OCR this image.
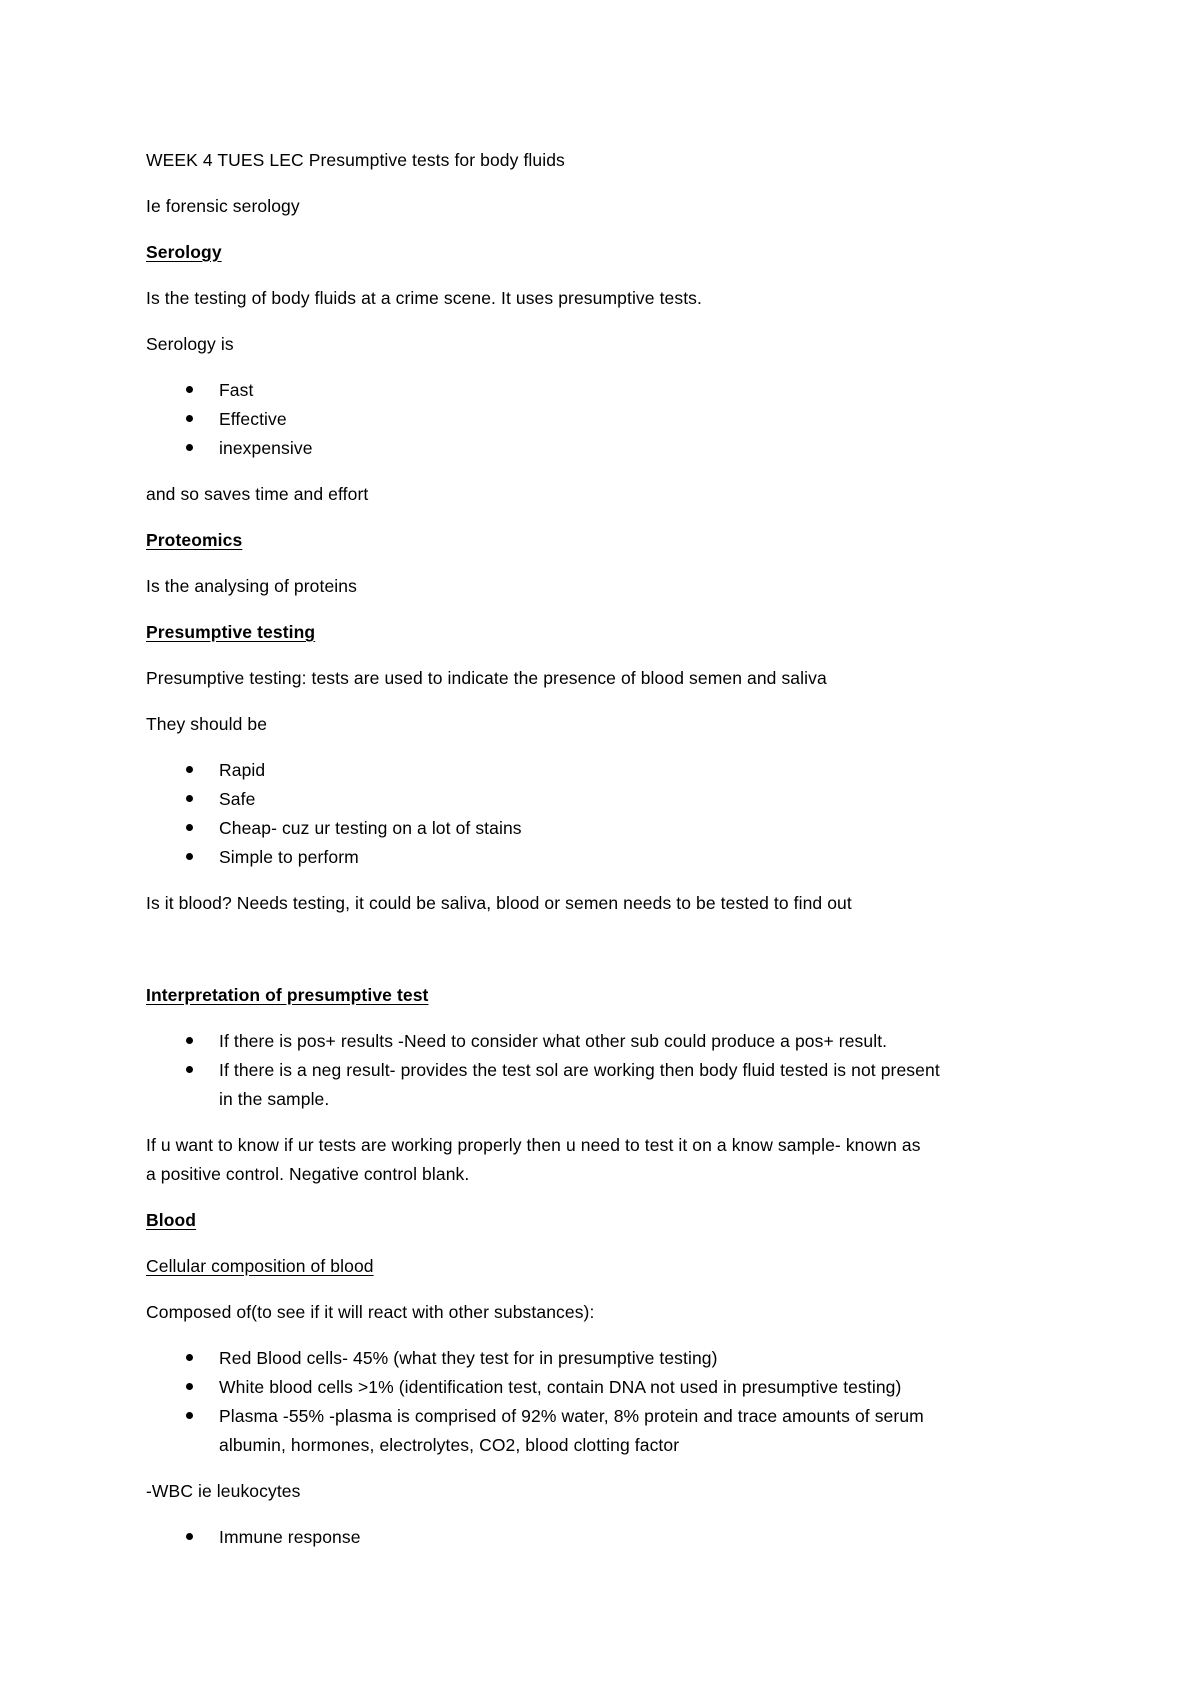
WEEK 4 TUES LEC Presumptive tests for body fluids
Ie forensic serology
Serology
Is the testing of body fluids at a crime scene. It uses presumptive tests.
Serology is
Fast
Effective
inexpensive
and so saves time and effort
Proteomics
Is the analysing of proteins
Presumptive testing
Presumptive testing: tests are used to indicate the presence of blood semen and saliva
They should be
Rapid
Safe
Cheap- cuz ur testing on a lot of stains
Simple to perform
Is it blood? Needs testing, it could be saliva, blood or semen needs to be tested to find out
Interpretation of presumptive test
If there is pos+ results -Need to consider what other sub could produce a pos+ result.
If there is a neg result- provides the test sol are working then body fluid tested is not present
in the sample.
If u want to know if ur tests are working properly then u need to test it on a know sample- known as
a positive control. Negative control blank.
Blood
Cellular composition of blood
Composed of(to see if it will react with other substances):
Red Blood cells- 45% (what they test for in presumptive testing)
White blood cells >1% (identification test, contain DNA not used in presumptive testing)
Plasma -55% -plasma is comprised of 92% water, 8% protein and trace amounts of serum
albumin, hormones, electrolytes, CO2, blood clotting factor
-WBC ie leukocytes
Immune response
